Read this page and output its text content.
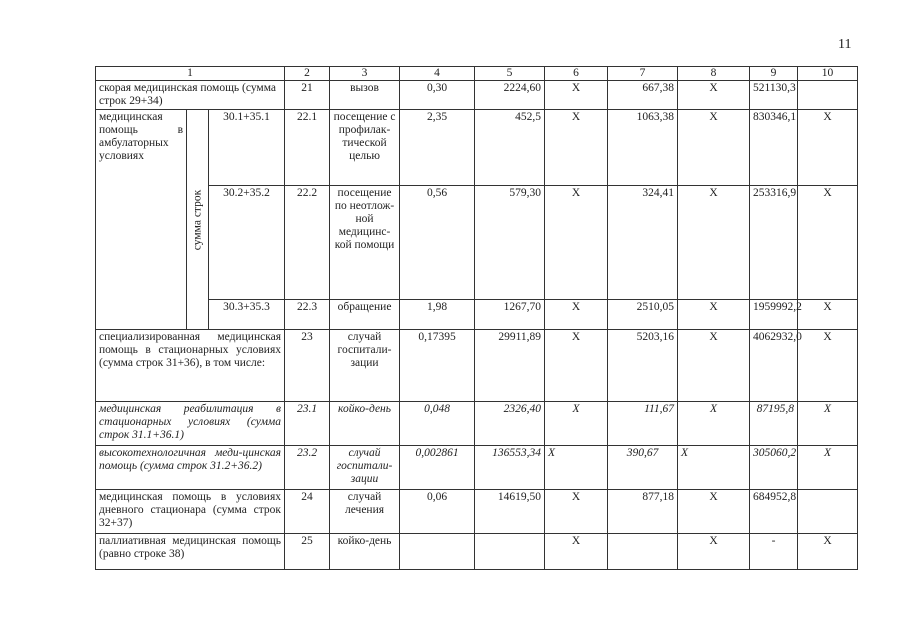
11
1			2	3	4	5	6	7	8	9	10
скорая медицинская помощь (сумма строк 29+34)			21	вызов	0,30	2224,60	X	667,38	X	521130,3	
медицинская помощь в амбулаторных условиях	сумма строк	30.1+35.1	22.1	посещение с профилак-тической целью	2,35	452,5	X	1063,38	X	830346,1	X
		30.2+35.2	22.2	посещение по неотлож-ной медицинс-кой помощи	0,56	579,30	X	324,41	X	253316,9	X
		30.3+35.3	22.3	обращение	1,98	1267,70	X	2510,05	X	1959992,2	X
специализированная медицинская помощь в стационарных условиях (сумма строк 31+36), в том числе:			23	случай госпитали-зации	0,17395	29911,89	X	5203,16	X	4062932,0	X
медицинская реабилитация в стационарных условиях (сумма строк 31.1+36.1)			23.1	койко-день	0,048	2326,40	X	111,67	X	87195,8	X
высокотехнологичная меди-цинская помощь (сумма строк 31.2+36.2)			23.2	случай госпитали-зации	0,002861	136553,34	X	390,67	X	305060,2	X
медицинская помощь в условиях дневного стационара (сумма строк 32+37)			24	случай лечения	0,06	14619,50	X	877,18	X	684952,8	
паллиативная медицинская помощь (равно строке 38)			25	койко-день			X		X	-	X
